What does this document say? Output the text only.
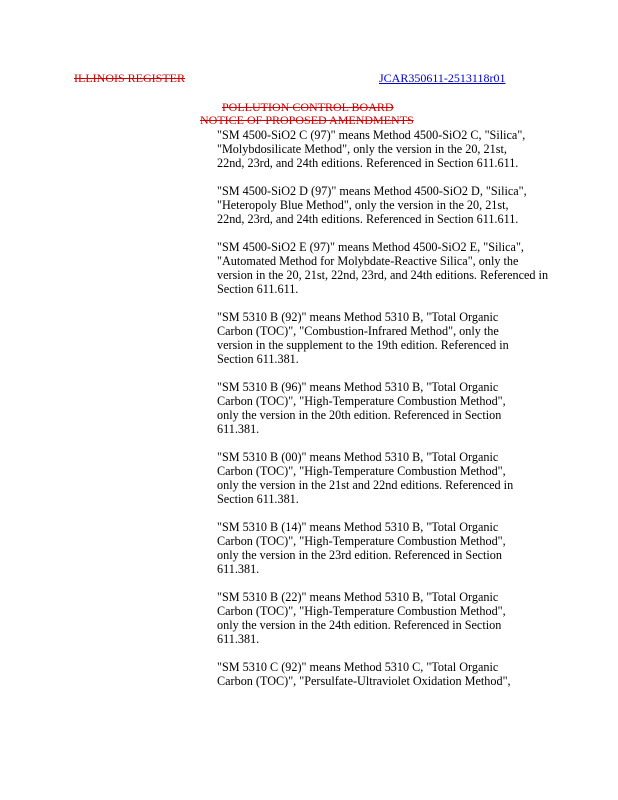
ILLINOIS REGISTER	JCAR350611-2513118r01
POLLUTION CONTROL BOARD
NOTICE OF PROPOSED AMENDMENTS
"SM 4500-SiO2 C (97)" means Method 4500-SiO2 C, "Silica",
"Molybdosilicate Method", only the version in the 20, 21st,
22nd, 23rd, and 24th editions. Referenced in Section 611.611.
"SM 4500-SiO2 D (97)" means Method 4500-SiO2 D, "Silica",
"Heteropoly Blue Method", only the version in the 20, 21st,
22nd, 23rd, and 24th editions. Referenced in Section 611.611.
"SM 4500-SiO2 E (97)" means Method 4500-SiO2 E, "Silica",
"Automated Method for Molybdate-Reactive Silica", only the
version in the 20, 21st, 22nd, 23rd, and 24th editions. Referenced in
Section 611.611.
"SM 5310 B (92)" means Method 5310 B, "Total Organic
Carbon (TOC)", "Combustion-Infrared Method", only the
version in the supplement to the 19th edition. Referenced in
Section 611.381.
"SM 5310 B (96)" means Method 5310 B, "Total Organic
Carbon (TOC)", "High-Temperature Combustion Method",
only the version in the 20th edition. Referenced in Section
611.381.
"SM 5310 B (00)" means Method 5310 B, "Total Organic
Carbon (TOC)", "High-Temperature Combustion Method",
only the version in the 21st and 22nd editions. Referenced in
Section 611.381.
"SM 5310 B (14)" means Method 5310 B, "Total Organic
Carbon (TOC)", "High-Temperature Combustion Method",
only the version in the 23rd edition. Referenced in Section
611.381.
"SM 5310 B (22)" means Method 5310 B, "Total Organic
Carbon (TOC)", "High-Temperature Combustion Method",
only the version in the 24th edition. Referenced in Section
611.381.
"SM 5310 C (92)" means Method 5310 C, "Total Organic
Carbon (TOC)", "Persulfate-Ultraviolet Oxidation Method",
